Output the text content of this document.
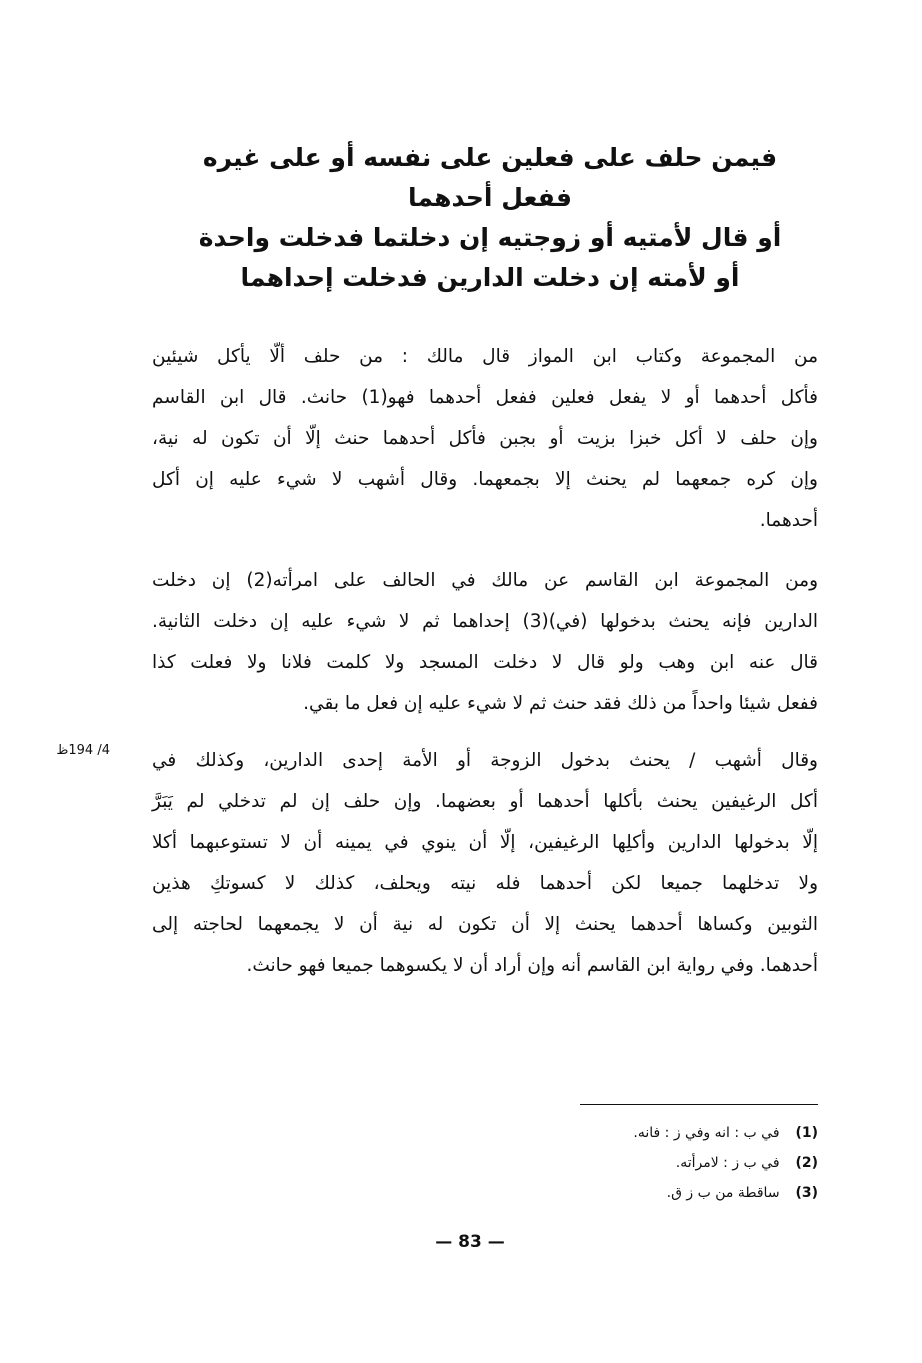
فيمن حلف على فعلين على نفسه أو على غيره
ففعل أحدهما
أو قال لأمتيه أو زوجتيه إن دخلتما فدخلت واحدة
أو لأمته إن دخلت الدارين فدخلت إحداهما
من المجموعة وكتاب ابن المواز قال مالك : من حلف ألّا يأكل شيئين
فأكل أحدهما أو لا يفعل فعلين ففعل أحدهما فهو(1) حانث. قال ابن القاسم
وإن حلف لا أكل خبزا بزيت أو بجبن فأكل أحدهما حنث إلّا أن تكون له نية،
وإن كره جمعهما لم يحنث إلا بجمعهما. وقال أشهب لا شيء عليه إن أكل
أحدهما.
ومن المجموعة ابن القاسم عن مالك في الحالف على امرأته(2) إن دخلت
الدارين فإنه يحنث بدخولها (في)(3) إحداهما ثم لا شيء عليه إن دخلت الثانية.
قال عنه ابن وهب ولو قال لا دخلت المسجد ولا كلمت فلانا ولا فعلت كذا
ففعل شيئا واحداً من ذلك فقد حنث ثم لا شيء عليه إن فعل ما بقي.
4/ 194ظ وقال أشهب / يحنث بدخول الزوجة أو الأمة إحدى الدارين، وكذلك في
أكل الرغيفين يحنث بأكلها أحدهما أو بعضهما. وإن حلف إن لم تدخلي لم يَبَرَّ
إلّا بدخولها الدارين وأكلِها الرغيفين، إلّا أن ينوي في يمينه أن لا تستوعبهما أكلا
ولا تدخلهما جميعا لكن أحدهما فله نيته ويحلف، كذلك لا كسوتكِ هذين
الثوبين وكساها أحدهما يحنث إلا أن تكون له نية أن لا يجمعهما لحاجته إلى
أحدهما. وفي رواية ابن القاسم أنه وإن أراد أن لا يكسوهما جميعا فهو حانث.
(1) في ب : انه وفي ز : فانه.
(2) في ب ز : لامرأته.
(3) ساقطة من ب ز ق.
— 83 —
